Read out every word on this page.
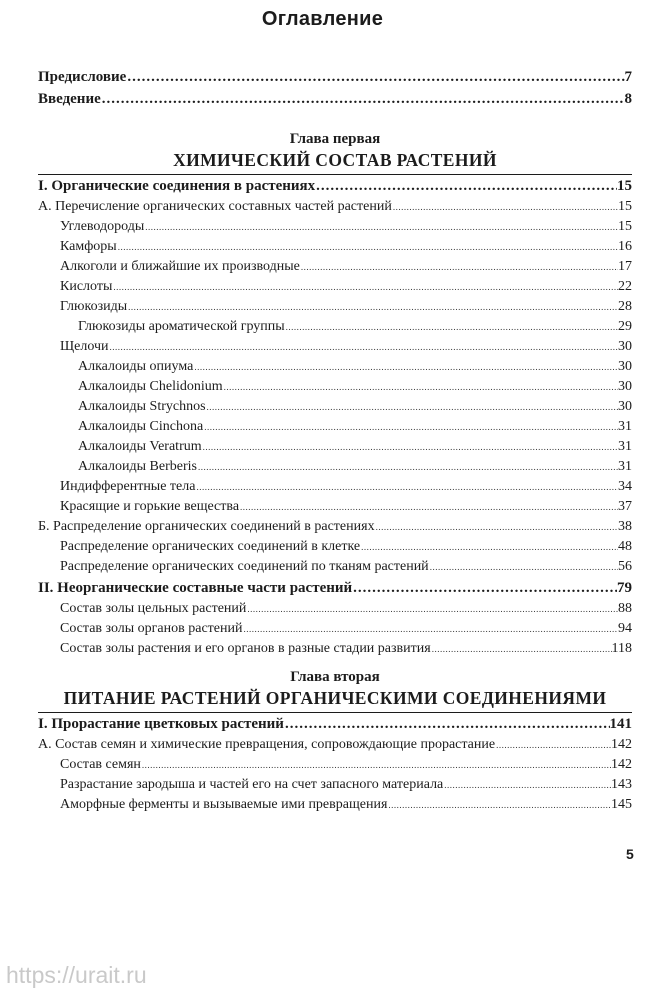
Оглавление
Предисловие .....	7
Введение .....	8
Глава первая
ХИМИЧЕСКИЙ СОСТАВ РАСТЕНИЙ
I. Органические соединения в растениях .....	15
А. Перечисление органических составных частей растений .....	15
Углеводороды .....	15
Камфоры .....	16
Алкоголи и ближайшие их производные .....	17
Кислоты .....	22
Глюкозиды .....	28
Глюкозиды ароматической группы .....	29
Щелочи .....	30
Алкалоиды опиума .....	30
Алкалоиды Chelidonium .....	30
Алкалоиды Strychnos .....	30
Алкалоиды Cinchona .....	31
Алкалоиды Veratrum .....	31
Алкалоиды Berberis .....	31
Индифферентные тела .....	34
Красящие и горькие вещества .....	37
Б. Распределение органических соединений в растениях .....	38
Распределение органических соединений в клетке .....	48
Распределение органических соединений по тканям растений .....	56
II. Неорганические составные части растений .....	79
Состав золы цельных растений .....	88
Состав золы органов растений .....	94
Состав золы растения и его органов в разные стадии развития .....	118
Глава вторая
ПИТАНИЕ РАСТЕНИЙ ОРГАНИЧЕСКИМИ СОЕДИНЕНИЯМИ
I. Прорастание цветковых растений .....	141
А. Состав семян и химические превращения, сопровождающие прорастание .....	142
Состав семян .....	142
Разрастание зародыша и частей его на счет запасного материала .....	143
Аморфные ферменты и вызываемые ими превращения .....	145
5
https://urait.ru
